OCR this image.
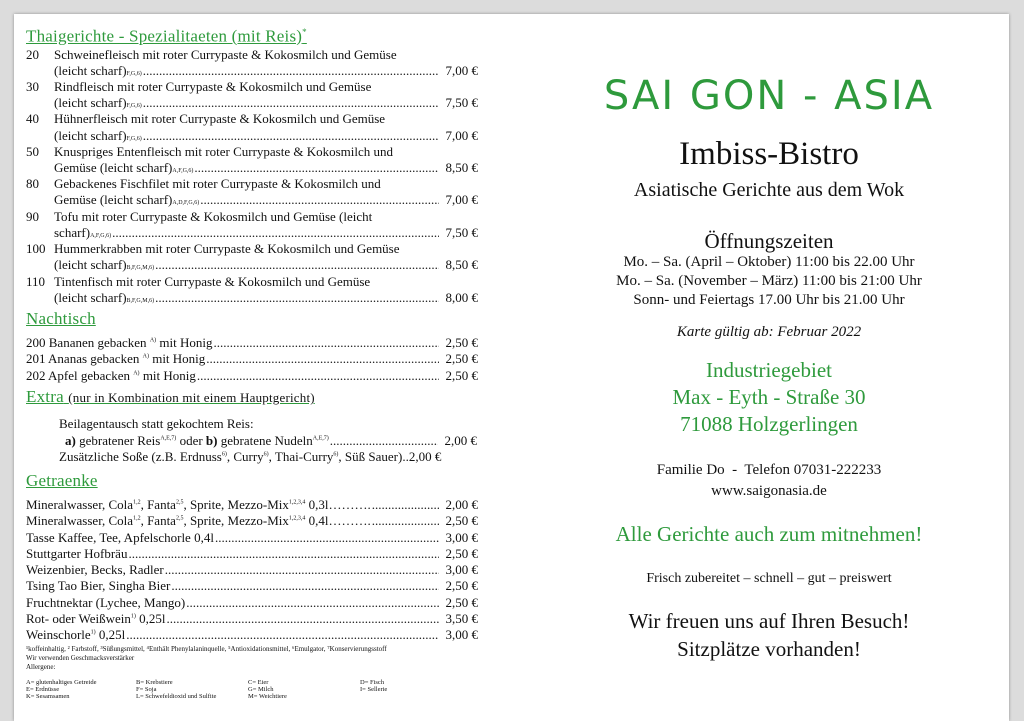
Thaigerichte - Spezialitaeten (mit Reis)*
20	Schweinefleisch mit roter Currypaste & Kokosmilch und Gemüse
(leicht scharf) F,G,6) .....	7,00 €
30	Rindfleisch mit roter Currypaste & Kokosmilch und Gemüse
(leicht scharf) F,G,6) .....	7,50 €
40	Hühnerfleisch mit roter Currypaste & Kokosmilch und Gemüse
(leicht scharf) F,G,6) .....	7,00 €
50	Knuspriges Entenfleisch mit roter Currypaste & Kokosmilch und
Gemüse (leicht scharf) A,F,G,6) .....	8,50 €
80	Gebackenes Fischfilet mit roter Currypaste & Kokosmilch und
Gemüse (leicht scharf) A,D,F,G,6) .....	7,00 €
90	Tofu mit roter Currypaste & Kokosmilch und Gemüse (leicht
scharf) A,F,G,6) .....	7,50 €
100 Hummerkrabben mit roter Currypaste & Kokosmilch und Gemüse
(leicht scharf) B,F,G,M,6) .....	8,50 €
110 Tintenfisch mit roter Currypaste & Kokosmilch und Gemüse
(leicht scharf) B,F,G,M,6) .....	8,00 €
Nachtisch
200 Bananen gebacken $^{A)}$ mit Honig .....	2,50 €
201 Ananas gebacken $^{A)}$ mit Honig .....	2,50 €
202 Apfel gebacken $^{A)}$ mit Honig .....	2,50 €
Extra (nur in Kombination mit einem Hauptgericht)
Beilagentausch statt gekochtem Reis:
a) gebratener Reis$^{A,E,7)}$ oder b) gebratene Nudeln$^{A,E,7)}$ .....	2,00 €
Zusätzliche Soße (z.B. Erdnuss$^{6)}$, Curry$^{6)}$, Thai-Curry$^{6)}$, Süß Sauer).. 2,00 €
Getraenke
Mineralwasser, Cola$^{1,2}$, Fanta$^{2,5}$, Sprite, Mezzo-Mix$^{1,2,3,4}$ 0,3l………. .....	2,00 €
Mineralwasser, Cola$^{1,2}$, Fanta$^{2,5}$, Sprite, Mezzo-Mix$^{1,2,3,4}$ 0,4l………. .....	2,50 €
Tasse Kaffee, Tee, Apfelschorle 0,4l .....	3,00 €
Stuttgarter Hofbräu .....	2,50 €
Weizenbier, Becks, Radler .....	3,00 €
Tsing Tao Bier, Singha Bier .....	2,50 €
Fruchtnektar (Lychee, Mango) .....	2,50 €
Rot- oder Weißwein$^{1)}$ 0,25l .....	3,50 €
Weinschorle$^{1)}$ 0,25l .....	3,00 €
¹koffeinhaltig, ² Farbstoff, ³Süßungsmittel, ⁴Enthält Phenylalaninquelle, ⁵Antioxidationsmittel, ⁶Emulgator, ⁷Konservierungsstoff
Wir verwenden Geschmacksverstärker
Allergene:
A= glutenhaltiges Getreide	B= Krebstiere	C= Eier	D= Fisch
E= Erdnüsse	F= Soja	G= Milch	I= Sellerie
K= Sesamsamen	L= Schwefeldioxid und Sulfite	M= Weichtiere
SAI GON - ASIA
Imbiss-Bistro
Asiatische Gerichte aus dem Wok
Öffnungszeiten
Mo. – Sa. (April – Oktober) 11:00 bis 22.00 Uhr
Mo. – Sa. (November – März) 11:00 bis 21:00 Uhr
Sonn- und Feiertags 17.00 Uhr bis 21.00 Uhr
Karte gültig ab: Februar 2022
Industriegebiet
Max - Eyth - Straße 30
71088 Holzgerlingen
Familie Do  -  Telefon 07031-222233
www.saigonasia.de
Alle Gerichte auch zum mitnehmen!
Frisch zubereitet – schnell – gut – preiswert
Wir freuen uns auf Ihren Besuch!
Sitzplätze vorhanden!
